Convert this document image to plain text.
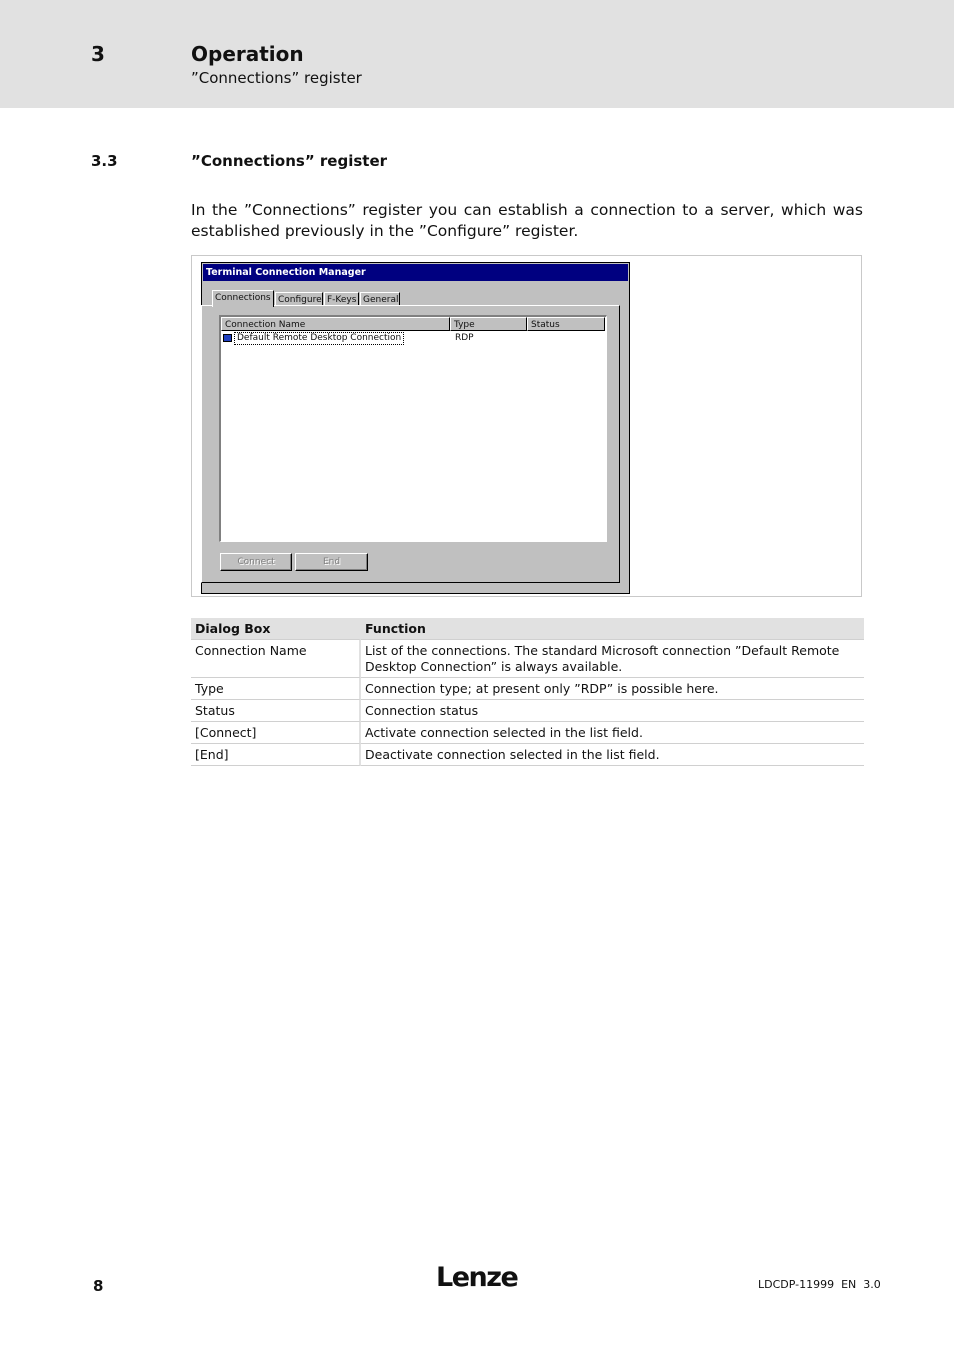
3	Operation
”Connections” register
3.3	”Connections” register
In the ”Connections” register you can establish a connection to a server, which was established previously in the ”Configure” register.
Terminal Connection Manager
Connections Configure F-Keys General
Connection Name	Type	Status
Default Remote Desktop Connection	RDP
Connect	End
Dialog Box	Function
Connection Name	List of the connections. The standard Microsoft connection ”Default Remote Desktop Connection” is always available.
Type	Connection type; at present only ”RDP” is possible here.
Status	Connection status
[Connect]	Activate connection selected in the list field.
[End]	Deactivate connection selected in the list field.
8	Lenze	LDCDP-11999  EN  3.0
